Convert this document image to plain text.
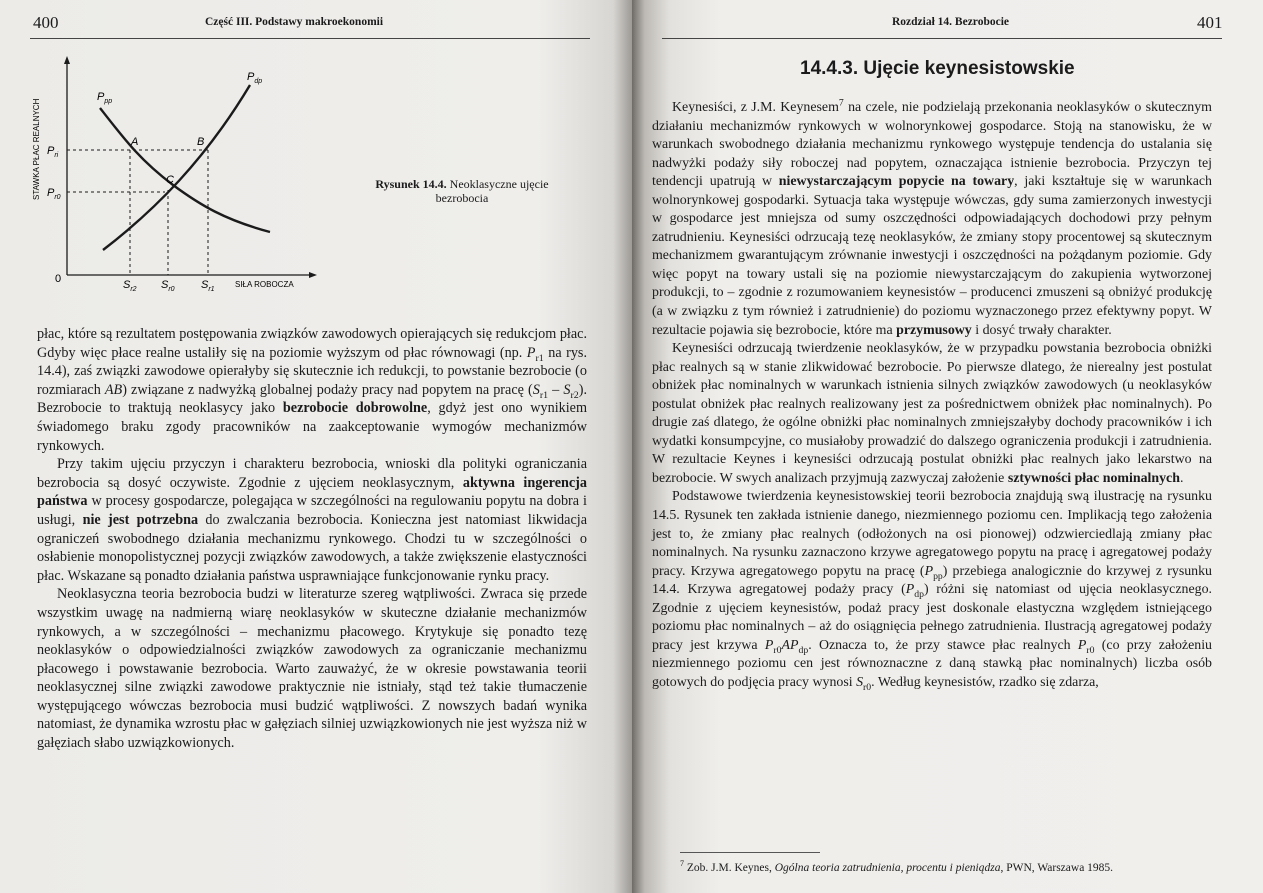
400	Część III. Podstawy makroekonomii
STAWKA PŁAC REALNYCH
0
$P_{ri}$
$P_{r0}$
$S_{r2}$ $S_{r0}$ $S_{r1}$
SIŁA ROBOCZA
$P_{pp}$
$P_{dp}$
A	B
C	Rysunek 14.4. Neoklasyczne ujęcie bezrobocia

płac, które są rezultatem postępowania związków zawodowych opierających się redukcjom płac. Gdyby więc płace realne ustaliły się na poziomie wyższym od płac równowagi (np. $P_{r1}$ na rys. 14.4), zaś związki zawodowe opierałyby się skutecznie ich redukcji, to powstanie bezrobocie (o rozmiarach AB) związane z nadwyżką globalnej podaży pracy nad popytem na pracę $(S_{r1} - S_{r2})$. Bezrobocie to traktują neoklasycy jako bezrobocie dobrowolne, gdyż jest ono wynikiem świadomego braku zgody pracowników na zaakceptowanie wymogów mechanizmów rynkowych.

Przy takim ujęciu przyczyn i charakteru bezrobocia, wnioski dla polityki ograniczania bezrobocia są dosyć oczywiste. Zgodnie z ujęciem neoklasycznym, aktywna ingerencja państwa w procesy gospodarcze, polegająca w szczególności na regulowaniu popytu na dobra i usługi, nie jest potrzebna do zwalczania bezrobocia. Konieczna jest natomiast likwidacja ograniczeń swobodnego działania mechanizmu rynkowego. Chodzi tu w szczególności o osłabienie monopolistycznej pozycji związków zawodowych, a także zwiększenie elastyczności płac. Wskazane są ponadto działania państwa usprawniające funkcjonowanie rynku pracy.

Neoklasyczna teoria bezrobocia budzi w literaturze szereg wątpliwości. Zwraca się przede wszystkim uwagę na nadmierną wiarę neoklasyków w skuteczne działanie mechanizmów rynkowych, a w szczególności – mechanizmu płacowego. Krytykuje się ponadto tezę neoklasyków o odpowiedzialności związków zawodowych za ograniczanie mechanizmu płacowego i powstawanie bezrobocia. Warto zauważyć, że w okresie powstawania teorii neoklasycznej silne związki zawodowe praktycznie nie istniały, stąd też takie tłumaczenie występującego wówczas bezrobocia musi budzić wątpliwości. Z nowszych badań wynika natomiast, że dynamika wzrostu płac w gałęziach silniej uzwiązkowionych nie jest wyższa niż w gałęziach słabo uzwiązkowionych.

Rozdział 14. Bezrobocie	401
14.4.3. Ujęcie keynesistowskie

Keynesiści, z J.M. Keynesem$^7$ na czele, nie podzielają przekonania neoklasyków o skutecznym działaniu mechanizmów rynkowych w wolnorynkowej gospodarce. Stoją na stanowisku, że w warunkach swobodnego działania mechanizmu rynkowego występuje tendencja do ustalania się nadwyżki podaży siły roboczej nad popytem, oznaczająca istnienie bezrobocia. Przyczyn tej tendencji upatrują w niewystarczającym popycie na towary, jaki kształtuje się w warunkach wolnorynkowej gospodarki. Sytuacja taka występuje wówczas, gdy suma zamierzonych inwestycji w gospodarce jest mniejsza od sumy oszczędności odpowiadających dochodowi przy pełnym zatrudnieniu. Keynesiści odrzucają tezę neoklasyków, że zmiany stopy procentowej są skutecznym mechanizmem gwarantującym zrównanie inwestycji i oszczędności na pożądanym poziomie. Gdy więc popyt na towary ustali się na poziomie niewystarczającym do zakupienia wytworzonej produkcji, to – zgodnie z rozumowaniem keynesistów – producenci zmuszeni są obniżyć produkcję (a w związku z tym również i zatrudnienie) do poziomu wyznaczonego przez efektywny popyt. W rezultacie pojawia się bezrobocie, które ma przymusowy i dosyć trwały charakter.

Keynesiści odrzucają twierdzenie neoklasyków, że w przypadku powstania bezrobocia obniżki płac realnych są w stanie zlikwidować bezrobocie. Po pierwsze dlatego, że nierealny jest postulat obniżek płac nominalnych w warunkach istnienia silnych związków zawodowych (u neoklasyków postulat obniżek płac realnych realizowany jest za pośrednictwem obniżek płac nominalnych). Po drugie zaś dlatego, że ogólne obniżki płac nominalnych zmniejszałyby dochody pracowników i ich wydatki konsumpcyjne, co musiałoby prowadzić do dalszego ograniczenia produkcji i zatrudnienia. W rezultacie Keynes i keynesiści odrzucają postulat obniżki płac realnych jako lekarstwo na bezrobocie. W swych analizach przyjmują zazwyczaj założenie sztywności płac nominalnych.

Podstawowe twierdzenia keynesistowskiej teorii bezrobocia znajdują swą ilustrację na rysunku 14.5. Rysunek ten zakłada istnienie danego, niezmiennego poziomu cen. Implikacją tego założenia jest to, że zmiany płac realnych (odłożonych na osi pionowej) odzwierciedlają zmiany płac nominalnych. Na rysunku zaznaczono krzywe agregatowego popytu na pracę i agregatowej podaży pracy. Krzywa agregatowego popytu na pracę $(P_{pp})$ przebiega analogicznie do krzywej z rysunku 14.4. Krzywa agregatowej podaży pracy $(P_{dp})$ różni się natomiast od ujęcia neoklasycznego. Zgodnie z ujęciem keynesistów, podaż pracy jest doskonale elastyczna względem istniejącego poziomu płac nominalnych – aż do osiągnięcia pełnego zatrudnienia. Ilustracją agregatowej podaży pracy jest krzywa $P_{r0}AP_{dp}$. Oznacza to, że przy stawce płac realnych $P_{r0}$ (co przy założeniu niezmiennego poziomu cen jest równoznaczne z daną stawką płac nominalnych) liczba osób gotowych do podjęcia pracy wynosi $S_{r0}$. Według keynesistów, rzadko się zdarza,

$^7$ Zob. J.M. Keynes, Ogólna teoria zatrudnienia, procentu i pieniądza, PWN, Warszawa 1985.
